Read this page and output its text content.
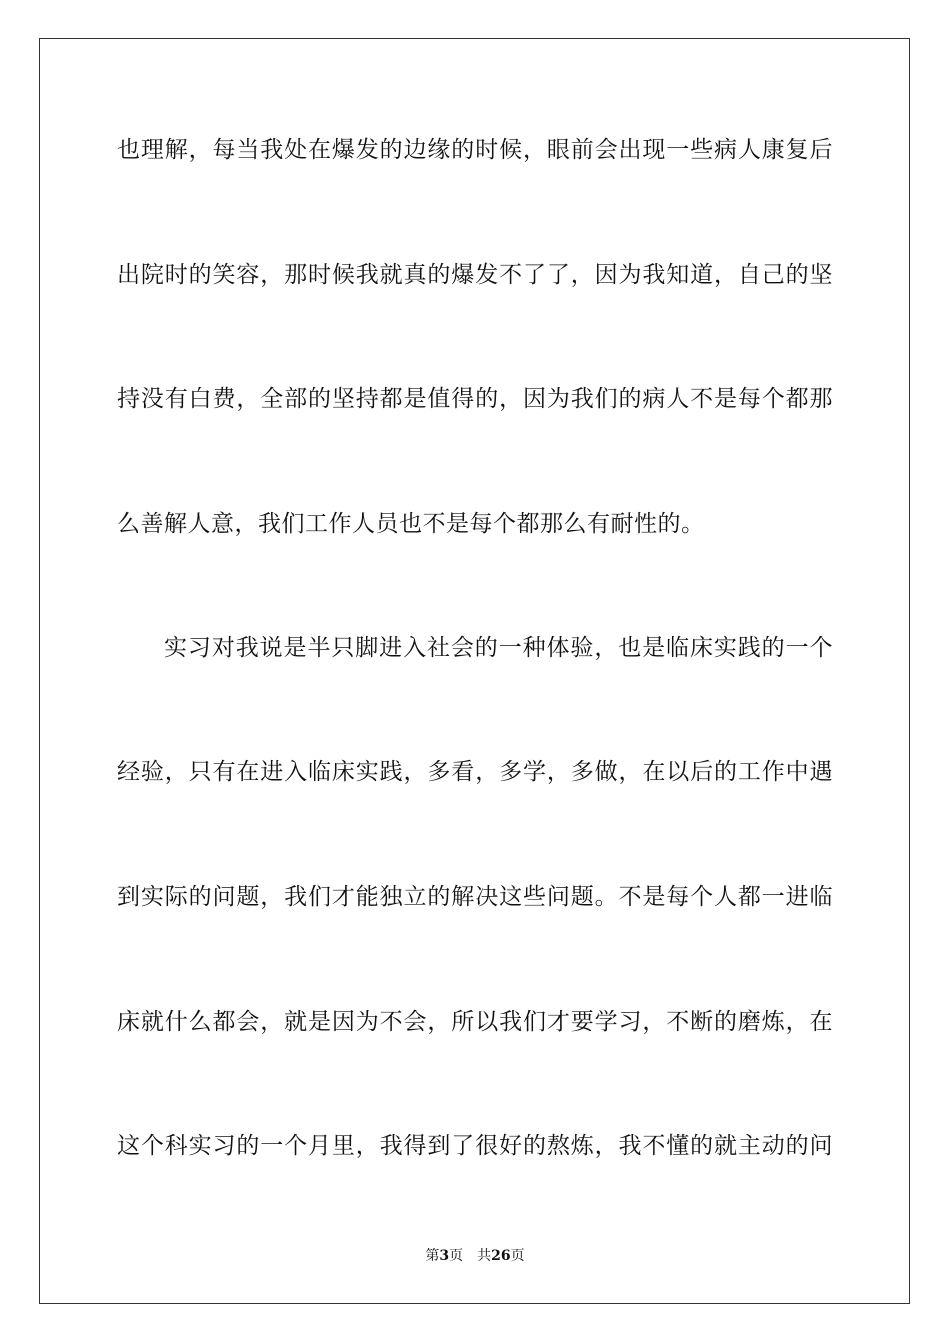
也理解，每当我处在爆发的边缘的时候，眼前会出现一些病人康复后
出院时的笑容，那时候我就真的爆发不了了，因为我知道，自己的坚
持没有白费，全部的坚持都是值得的，因为我们的病人不是每个都那
么善解人意，我们工作人员也不是每个都那么有耐性的。
实习对我说是半只脚进入社会的一种体验，也是临床实践的一个
经验，只有在进入临床实践，多看，多学，多做，在以后的工作中遇
到实际的问题，我们才能独立的解决这些问题。不是每个人都一进临
床就什么都会，就是因为不会，所以我们才要学习，不断的磨炼，在
这个科实习的一个月里，我得到了很好的熬炼，我不懂的就主动的问
第3页 共26页
